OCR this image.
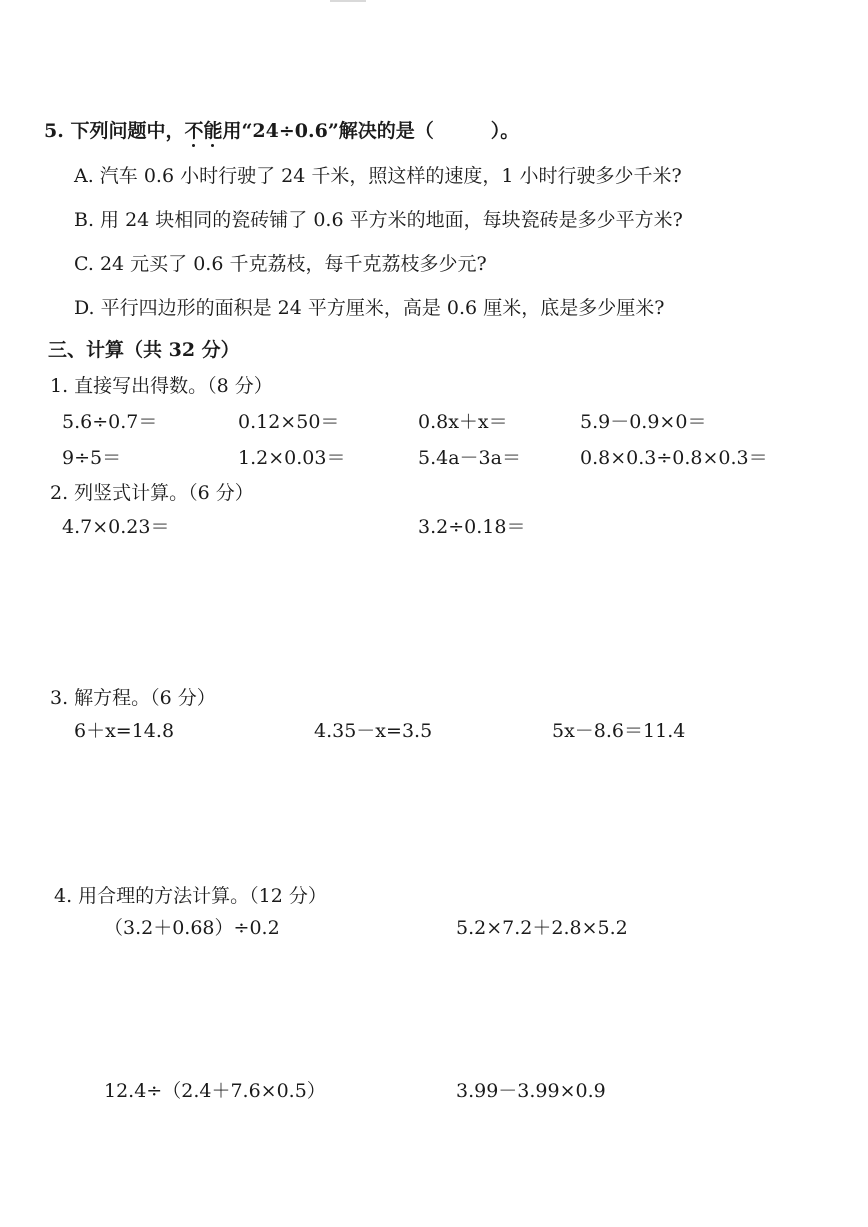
5. 下列问题中，不能用“24÷0.6”解决的是（　　　）。
A. 汽车 0.6 小时行驶了 24 千米，照这样的速度，1 小时行驶多少千米?
B. 用 24 块相同的瓷砖铺了 0.6 平方米的地面，每块瓷砖是多少平方米?
C. 24 元买了 0.6 千克荔枝，每千克荔枝多少元?
D. 平行四边形的面积是 24 平方厘米，高是 0.6 厘米，底是多少厘米?
三、计算（共 32 分）
1. 直接写出得数。（8 分）
5.6÷0.7＝	0.12×50＝	0.8x＋x＝	5.9－0.9×0＝
9÷5＝	1.2×0.03＝	5.4a－3a＝	0.8×0.3÷0.8×0.3＝
2. 列竖式计算。（6 分）
4.7×0.23＝	3.2÷0.18＝
3. 解方程。（6 分）
6＋x=14.8	4.35－x=3.5	5x－8.6＝11.4
4. 用合理的方法计算。（12 分）
（3.2＋0.68）÷0.2	5.2×7.2＋2.8×5.2
12.4÷（2.4＋7.6×0.5）	3.99－3.99×0.9
